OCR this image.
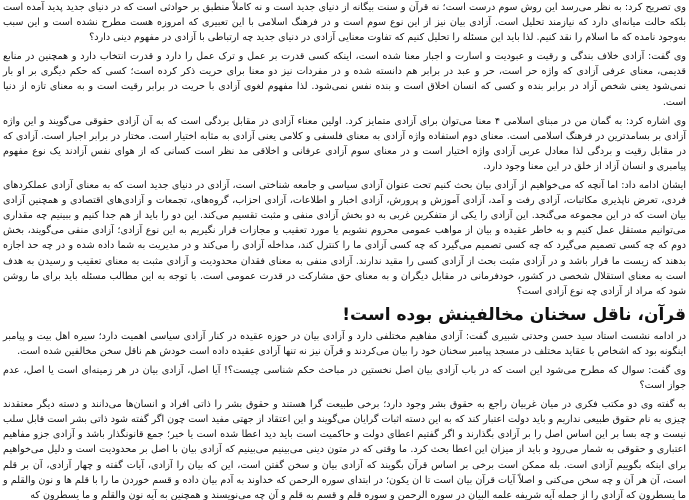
وی تصریح کرد: به نظر می‌رسد این روش سوم درست است؛ نه قرآن و سنت بیگانه از دنیای جدید است و نه کاملاً منطبق بر حوادثی است که در دنیای جدید پدید آمده است بلکه حالت میانه‌ای دارد که نیازمند تحلیل است. آزادی بیان نیز از این نوع سوم است و در فرهنگ اسلامی با این تعبیری که امروزه هست مطرح نشده است و این سبب به‌وجود نامده که ما اسلام را نقد کنیم. لذا باید این مسئله را تحلیل کنیم که تفاوت معنایی آزادی در دنیای جدید چه ارتباطی با آزادی در مفهوم دینی دارد؟

وی گفت: آزادی خلاف بندگی و رقیت و عبودیت و اسارت و اجبار معنا شده است، اینکه کسی قدرت بر عمل و ترک عمل را دارد و قدرت انتخاب دارد و همچنین در منابع قدیمی، معنای عرفی آزادی که واژه حر است، حر و عبد در برابر هم دانسته شده و در مفردات نیز دو معنا برای حریت ذکر کرده است؛ کسی که حکم دیگری بر او بار نمی‌شود یعنی شخص آزاد در برابر بنده و کسی که انسان اخلاق است و بنده نفس نمی‌شود. لذا مفهوم لغوی آزادی با حریت در برابر رقیت است و به معنای تازه از دنیا است.

وی اشاره کرد: به گمان من در مبنای اسلامی ۴ معنا می‌توان برای آزادی متمایز کرد. اولین معناء آزادی در مقابل بردگی است که به آن آزادی حقوقی می‌گویند و این واژه آزادی بر بسامدترین در فرهنگ اسلامی است. معنای دوم استفاده واژه آزادی به معنای فلسفی و کلامی یعنی آزادی به مثابه اختیار است. مختار در برابر اجبار است. آزادی که در مقابل رقیت و بردگی لذا معادل عربی آزادی واژه اختیار است و در معنای سوم آزادی عرفانی و اخلاقی مد نظر است کسانی که از هوای نفس آزادند یک نوع مفهوم پیامبری و انسان آزاد از خلق در این معنا وجود دارد.

ایشان ادامه داد: اما آنچه که می‌خواهیم از آزادی بیان بحث کنیم تحت عنوان آزادی سیاسی و جامعه شناختی است، آزادی در دنیای جدید است که به معنای آزادی عملکردهای فردی، تعرض ناپذیری مکاتبات، آزادی رفت و آمد، آزادی آموزش و پرورش، آزادی اخبار و اطلاعات، آزادی احزاب، گروه‌های، تجمعات و آزادی‌های اقتصادی و همچنین آزادی بیان است که در این مجموعه می‌گنجد. این آزادی را یکی از متفکرین غربی به دو بخش آزادی منفی و مثبت تقسیم می‌کند. این دو را باید از هم جدا کنیم و ببینیم چه مقداری می‌توانیم مستقل عمل کنیم و به خاطر عقیده و بیان از مواهب عمومی محروم نشویم یا مورد تعقیب و مجازات قرار نگیریم به این نوع آزادی؛ آزادی منفی می‌گویند، بخش دوم که چه کسی تصمیم می‌گیرد که چه کسی تصمیم می‌گیرد که چه کسی آزادی ما را کنترل کند، مداخله آزادی را می‌کند و در مدیریت به شما داده شده و در چه حد اجازه بدهند که زیست ما قرار باشد و در آزادی مثبت بحث از آزادی کسی را مقید ندارند. آزادی منفی به معنای فقدان محدودیت و آزادی مثبت به معنای تعقیب و رسیدن به هدف است به معنای استقلال شخصی در کشور، خودفرمانی در مقابل دیگران و به معنای حق مشارکت در قدرت عمومی است. با توجه به این مطالب مسئله باید برای ما روشن شود که مراد از آزادی چه نوع آزادی است؟

قرآن، ناقل سخنان مخالفینش بوده است!

در ادامه نشست استاد سید حسن وحدتی شبیری گفت: آزادی مفاهیم مختلفی دارد و آزادی بیان در حوزه عقیده در کنار آزادی سیاسی اهمیت دارد؛ سیره اهل بیت و پیامبر اینگونه بود که اشخاص با عقاید مختلف در مسجد پیامبر سخنان خود را بیان می‌کردند و قرآن نیز نه تنها آزادی عقیده داده است خودش هم ناقل سخن مخالفین شده است.

وی گفت: سوال که مطرح می‌شود این است که در باب آزادی بیان اصل نخستین در مباحث حکم شناسی چیست؟! آیا اصل، آزادی بیان در هر زمینه‌ای است یا اصل، عدم جواز است؟

به گفته وی دو مکتب فکری در میان غربیان راجع به حقوق بشر وجود دارد؛ برخی طبیعت گرا هستند و حقوق بشر را ذاتی افراد و انسان‌ها می‌دانند و دسته دیگر معتقدند چیزی به نام حقوق طبیعی نداریم و باید دولت اعتبار کند که به این دسته اثبات گرایان می‌گویند و این اعتقاد از جهتی مفید است چون اگر گفته شود ذاتی بشر است قابل سلب نیست و چه بسا بر این اساس اصل را بر آزادی بگذارند و اگر گفتیم اعطای دولت و حاکمیت است باید دید اعطا شده است یا خیر؛ جمع قانونگذار باشد و آزادی جزو مفاهیم اعتباری و حقوقی به شمار می‌رود و باید از میزان این اعطا بحث کرد. ما وقتی که در متون دینی می‌بینیم می‌بینیم که آزادی بیان با اصل بر محدودیت است و دلیل می‌خواهیم برای اینکه بگوییم آزادی است. بله ممکن است برخی بر اساس قرآن بگویند که آزادی بیان و سخن گفتن است، این که بیان را آزادی، آیات گفته و چهار آزادی، آن بر قلم است، آن هر آن و چه سخن می‌کنی و اصلاً آیات قرآن بیان است تا ان یکون؛ در ابتدای سوره الرحمن که خداوند به آدم بیان داده و قسم خوردن ما را با قلم ها و نون والقلم و ما یسطرون که آزادی را از جمله آیه شریفه علمه البیان در سوره الرحمن و سوره قلم و قسم به قلم و آن چه می‌نویسند و همچنین به آیه نون والقلم و ما یسطرون که
